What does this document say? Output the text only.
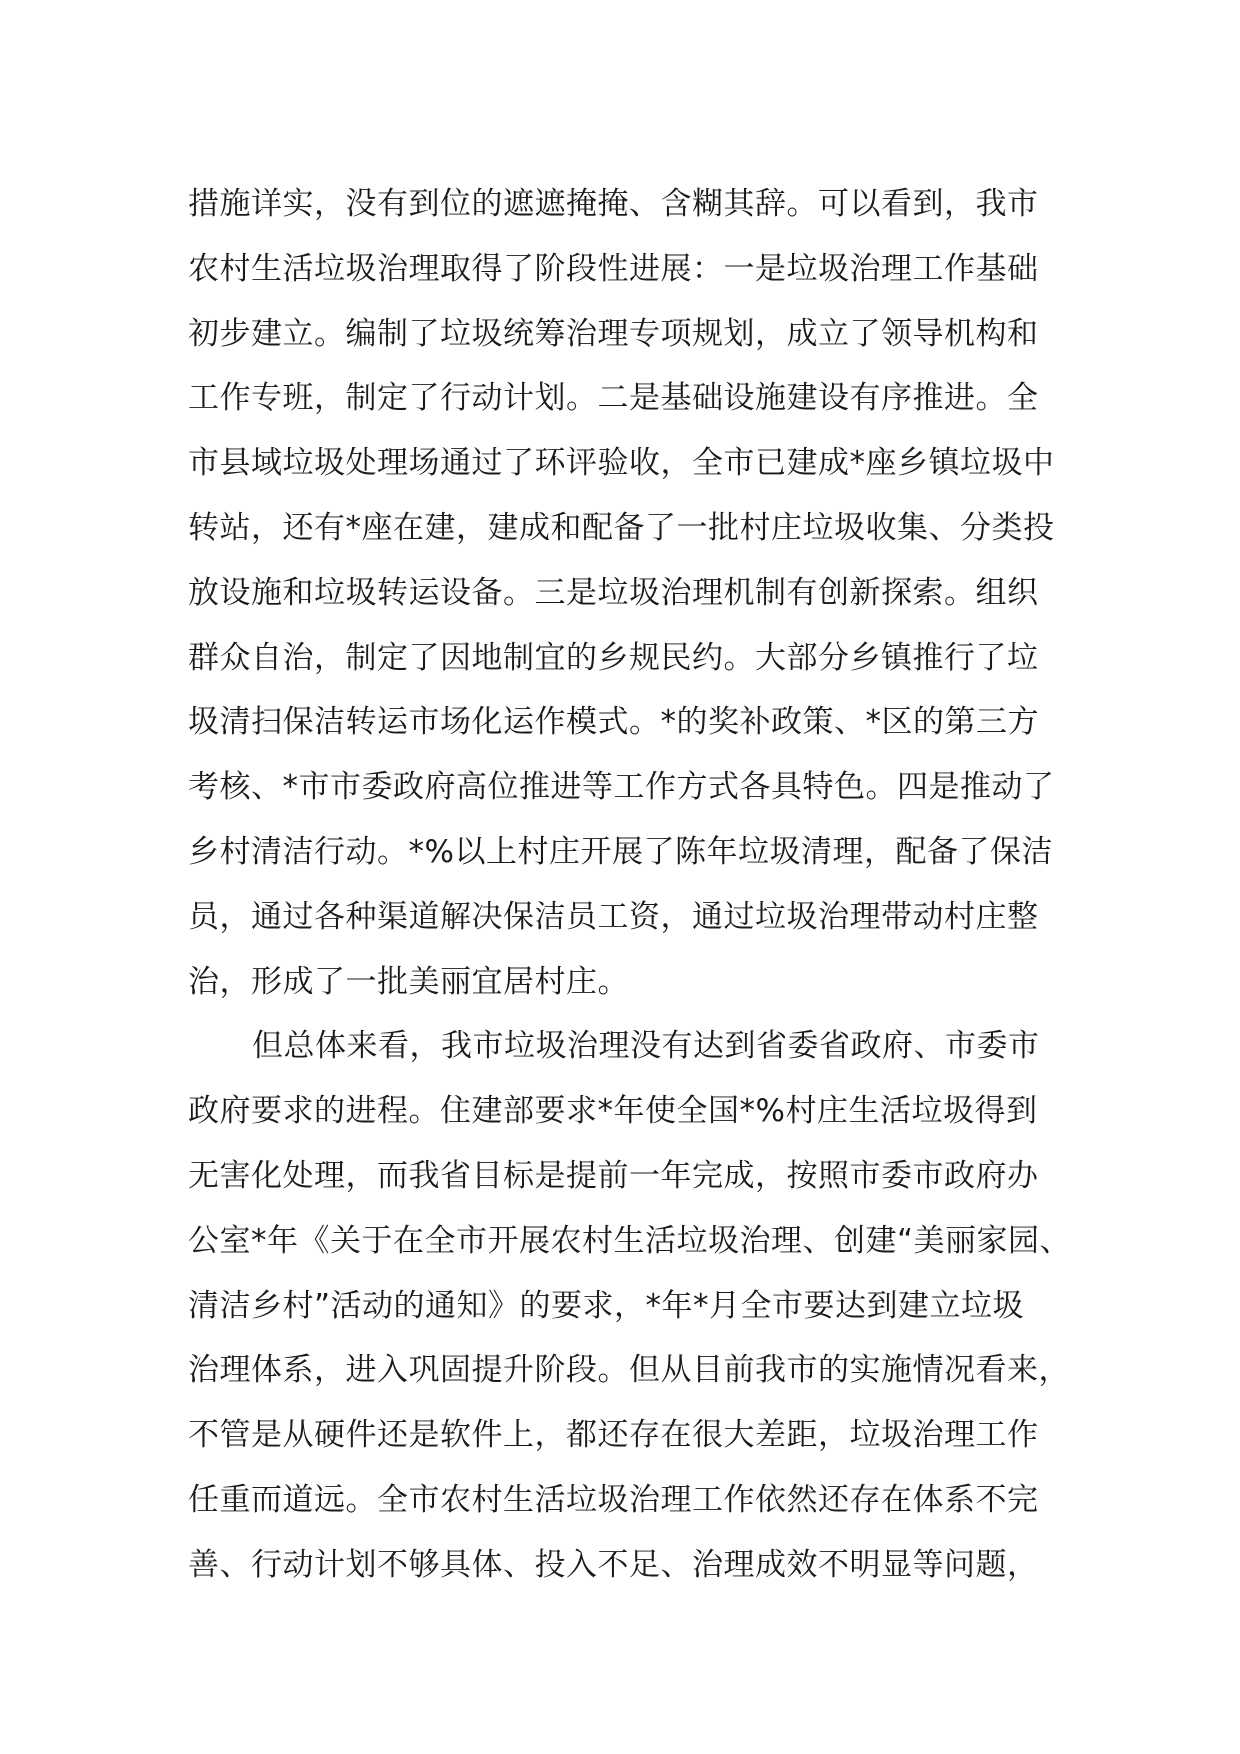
措施详实，没有到位的遮遮掩掩、含糊其辞。可以看到，我市
农村生活垃圾治理取得了阶段性进展：一是垃圾治理工作基础
初步建立。编制了垃圾统筹治理专项规划，成立了领导机构和
工作专班，制定了行动计划。二是基础设施建设有序推进。全
市县域垃圾处理场通过了环评验收，全市已建成*座乡镇垃圾中
转站，还有*座在建，建成和配备了一批村庄垃圾收集、分类投
放设施和垃圾转运设备。三是垃圾治理机制有创新探索。组织
群众自治，制定了因地制宜的乡规民约。大部分乡镇推行了垃
圾清扫保洁转运市场化运作模式。*的奖补政策、*区的第三方
考核、*市市委政府高位推进等工作方式各具特色。四是推动了
乡村清洁行动。*%以上村庄开展了陈年垃圾清理，配备了保洁
员，通过各种渠道解决保洁员工资，通过垃圾治理带动村庄整
治，形成了一批美丽宜居村庄。
但总体来看，我市垃圾治理没有达到省委省政府、市委市
政府要求的进程。住建部要求*年使全国*%村庄生活垃圾得到
无害化处理，而我省目标是提前一年完成，按照市委市政府办
公室*年《关于在全市开展农村生活垃圾治理、创建“美丽家园、
清洁乡村”活动的通知》的要求，*年*月全市要达到建立垃圾
治理体系，进入巩固提升阶段。但从目前我市的实施情况看来，
不管是从硬件还是软件上，都还存在很大差距，垃圾治理工作
任重而道远。全市农村生活垃圾治理工作依然还存在体系不完
善、行动计划不够具体、投入不足、治理成效不明显等问题，
